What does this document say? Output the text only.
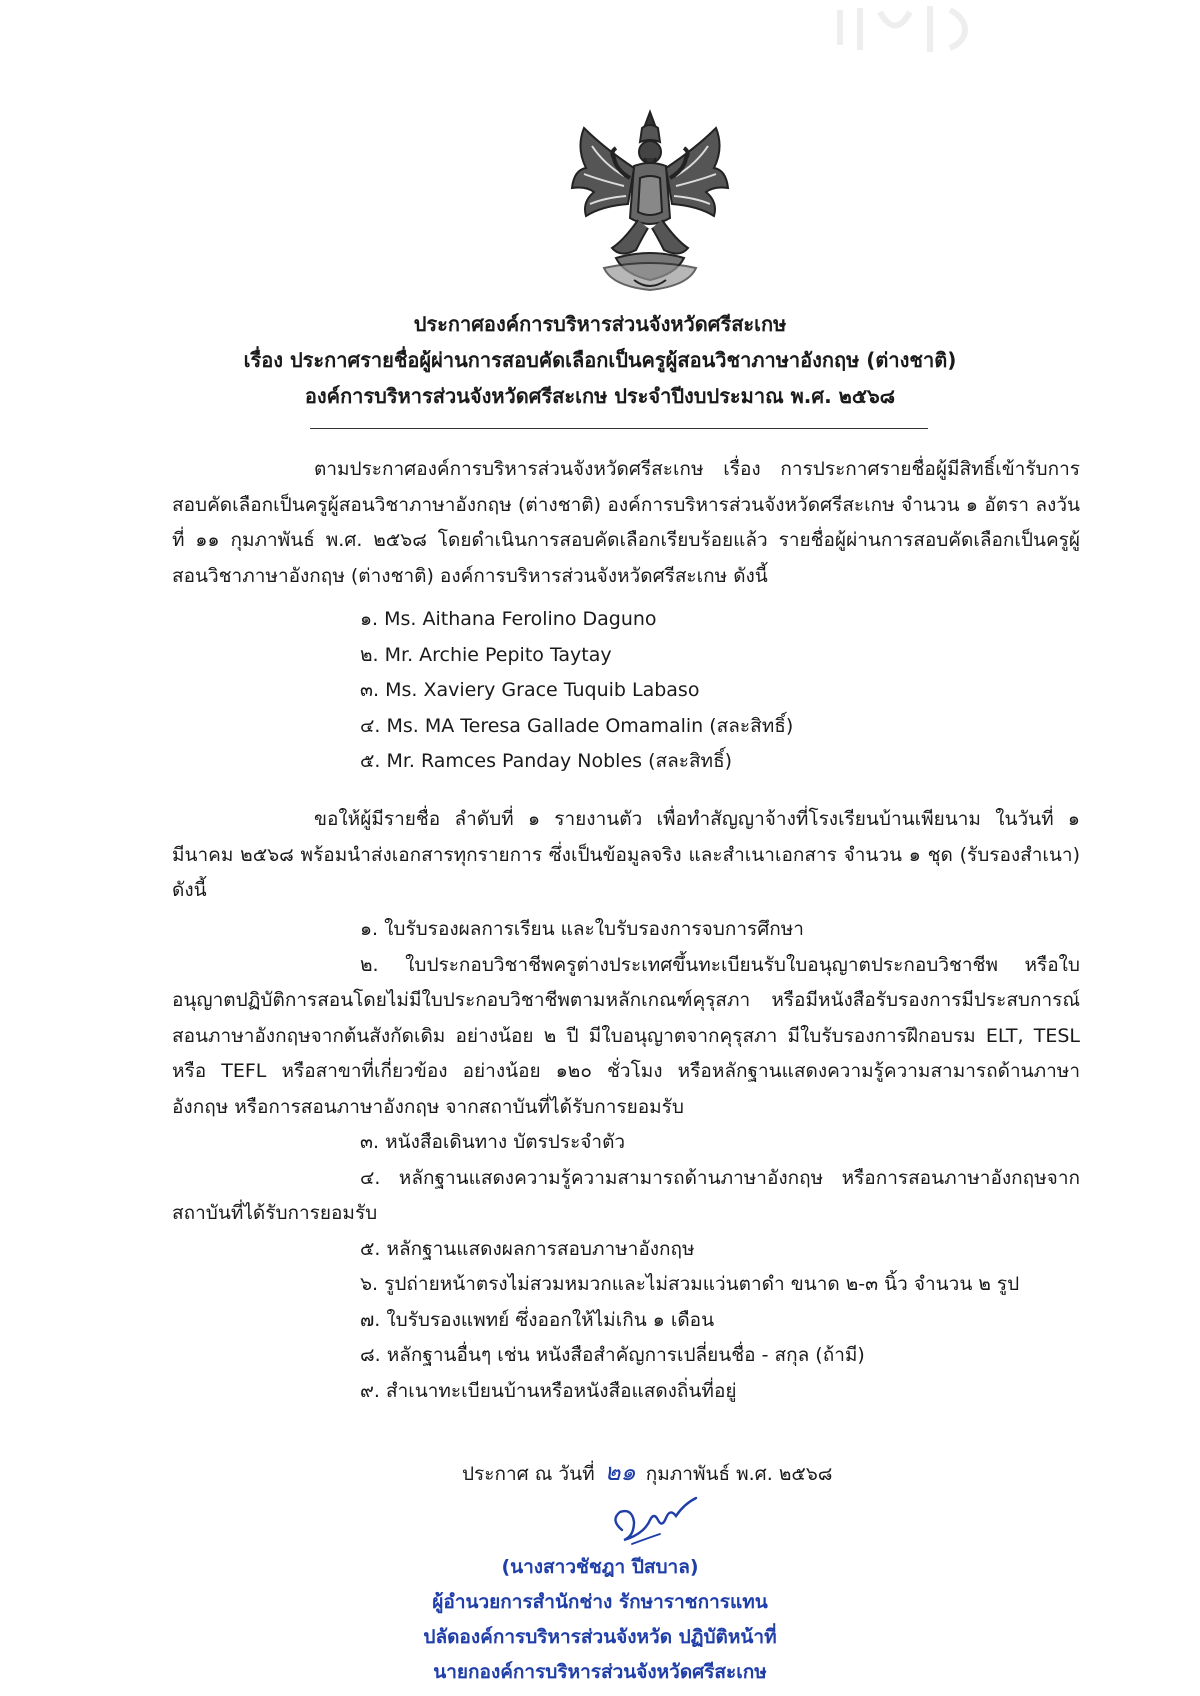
ประกาศองค์การบริหารส่วนจังหวัดศรีสะเกษ
เรื่อง ประกาศรายชื่อผู้ผ่านการสอบคัดเลือกเป็นครูผู้สอนวิชาภาษาอังกฤษ (ต่างชาติ)
องค์การบริหารส่วนจังหวัดศรีสะเกษ ประจำปีงบประมาณ พ.ศ. ๒๕๖๘
ตามประกาศองค์การบริหารส่วนจังหวัดศรีสะเกษ เรื่อง การประกาศรายชื่อผู้มีสิทธิ์เข้ารับการสอบคัดเลือกเป็นครูผู้สอนวิชาภาษาอังกฤษ (ต่างชาติ) องค์การบริหารส่วนจังหวัดศรีสะเกษ จำนวน ๑ อัตรา ลงวันที่ ๑๑ กุมภาพันธ์ พ.ศ. ๒๕๖๘ โดยดำเนินการสอบคัดเลือกเรียบร้อยแล้ว รายชื่อผู้ผ่านการสอบคัดเลือกเป็นครูผู้สอนวิชาภาษาอังกฤษ (ต่างชาติ) องค์การบริหารส่วนจังหวัดศรีสะเกษ ดังนี้
๑. Ms. Aithana Ferolino Daguno
๒. Mr. Archie Pepito Taytay
๓. Ms. Xaviery Grace Tuquib Labaso
๔. Ms. MA Teresa Gallade Omamalin (สละสิทธิ์)
๕. Mr. Ramces Panday Nobles (สละสิทธิ์)
ขอให้ผู้มีรายชื่อ ลำดับที่ ๑ รายงานตัว เพื่อทำสัญญาจ้างที่โรงเรียนบ้านเพียนาม ในวันที่ ๑ มีนาคม ๒๕๖๘ พร้อมนำส่งเอกสารทุกรายการ ซึ่งเป็นข้อมูลจริง และสำเนาเอกสาร จำนวน ๑ ชุด (รับรองสำเนา) ดังนี้
๑. ใบรับรองผลการเรียน และใบรับรองการจบการศึกษา
๒. ใบประกอบวิชาชีพครูต่างประเทศขึ้นทะเบียนรับใบอนุญาตประกอบวิชาชีพ หรือใบอนุญาตปฏิบัติการสอนโดยไม่มีใบประกอบวิชาชีพตามหลักเกณฑ์คุรุสภา หรือมีหนังสือรับรองการมีประสบการณ์สอนภาษาอังกฤษจากต้นสังกัดเดิม อย่างน้อย ๒ ปี มีใบอนุญาตจากคุรุสภา มีใบรับรองการฝึกอบรม ELT, TESL หรือ TEFL หรือสาขาที่เกี่ยวข้อง อย่างน้อย ๑๒๐ ชั่วโมง หรือหลักฐานแสดงความรู้ความสามารถด้านภาษาอังกฤษ หรือการสอนภาษาอังกฤษ จากสถาบันที่ได้รับการยอมรับ
๓. หนังสือเดินทาง บัตรประจำตัว
๔. หลักฐานแสดงความรู้ความสามารถด้านภาษาอังกฤษ หรือการสอนภาษาอังกฤษจากสถาบันที่ได้รับการยอมรับ
๕. หลักฐานแสดงผลการสอบภาษาอังกฤษ
๖. รูปถ่ายหน้าตรงไม่สวมหมวกและไม่สวมแว่นตาดำ ขนาด ๒-๓ นิ้ว จำนวน ๒ รูป
๗. ใบรับรองแพทย์ ซึ่งออกให้ไม่เกิน ๑ เดือน
๘. หลักฐานอื่นๆ เช่น หนังสือสำคัญการเปลี่ยนชื่อ - สกุล (ถ้ามี)
๙. สำเนาทะเบียนบ้านหรือหนังสือแสดงถิ่นที่อยู่
ประกาศ ณ วันที่ ๒๑ กุมภาพันธ์ พ.ศ. ๒๕๖๘
(นางสาวชัชฎา ปีสบาล)
ผู้อำนวยการสำนักช่าง รักษาราชการแทน
ปลัดองค์การบริหารส่วนจังหวัด ปฏิบัติหน้าที่
นายกองค์การบริหารส่วนจังหวัดศรีสะเกษ
